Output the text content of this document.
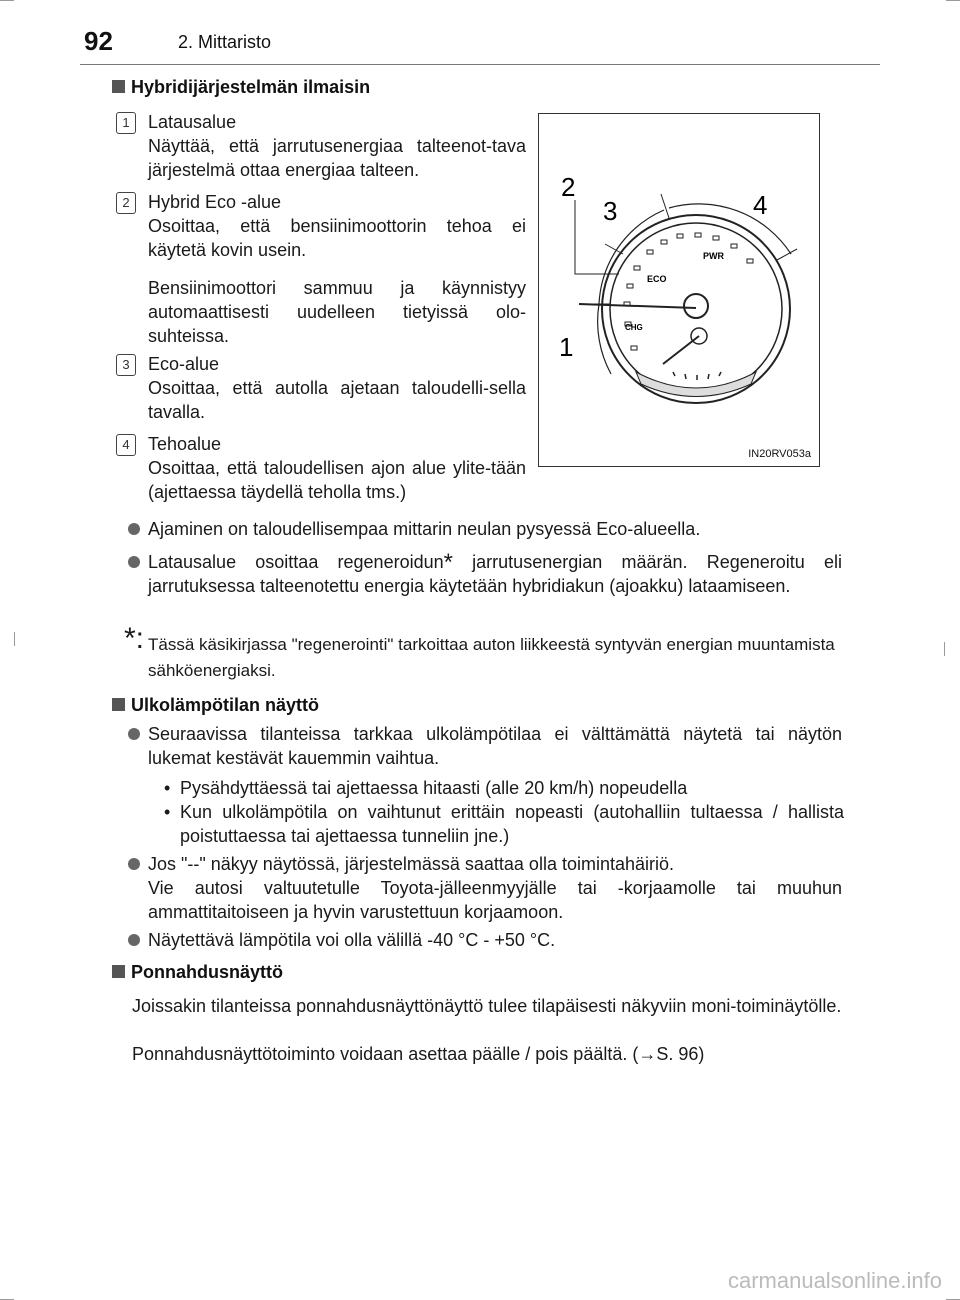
92	2. Mittaristo
Hybridijärjestelmän ilmaisin
1	Latausalue
Näyttää, että jarrutusenergiaa talteenot-tava järjestelmä ottaa energiaa talteen.
2	Hybrid Eco -alue
Osoittaa, että bensiinimoottorin tehoa ei käytetä kovin usein.
Bensiinimoottori sammuu ja käynnistyy automaattisesti uudelleen tietyissä olo-suhteissa.
3	Eco-alue
Osoittaa, että autolla ajetaan taloudelli-sella tavalla.
4	Tehoalue
Osoittaa, että taloudellisen ajon alue ylite-tään (ajettaessa täydellä teholla tms.)
ECO
PWR
CHG
2
3	4
1
IN20RV053a
Ajaminen on taloudellisempaa mittarin neulan pysyessä Eco-alueella.
Latausalue osoittaa regeneroidun* jarrutusenergian määrän. Regeneroitu eli jarrutuksessa talteenotettu energia käytetään hybridiakun (ajoakku) lataamiseen.
*: Tässä käsikirjassa "regenerointi" tarkoittaa auton liikkeestä syntyvän energian muuntamista sähköenergiaksi.
Ulkolämpötilan näyttö
Seuraavissa tilanteissa tarkkaa ulkolämpötilaa ei välttämättä näytetä tai näytön lukemat kestävät kauemmin vaihtua.
• Pysähdyttäessä tai ajettaessa hitaasti (alle 20 km/h) nopeudella
• Kun ulkolämpötila on vaihtunut erittäin nopeasti (autohalliin tultaessa / hallista poistuttaessa tai ajettaessa tunneliin jne.)
Jos "--" näkyy näytössä, järjestelmässä saattaa olla toimintahäiriö.
Vie autosi valtuutetulle Toyota-jälleenmyyjälle tai -korjaamolle tai muuhun ammattitaitoiseen ja hyvin varustettuun korjaamoon.
Näytettävä lämpötila voi olla välillä -40 °C - +50 °C.
Ponnahdusnäyttö
Joissakin tilanteissa ponnahdusnäyttönäyttö tulee tilapäisesti näkyviin moni-toiminäytölle.
Ponnahdusnäyttötoiminto voidaan asettaa päälle / pois päältä. (→S. 96)
carmanualsonline.info
